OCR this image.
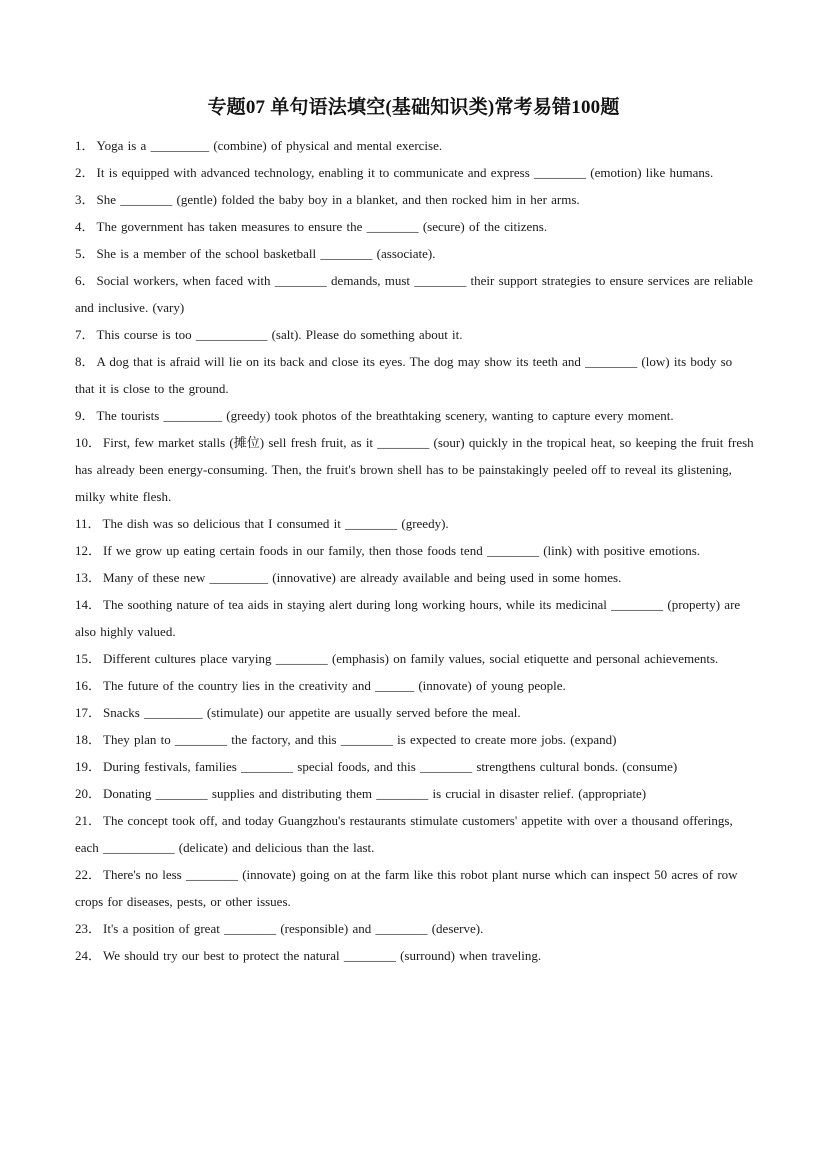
专题07 单句语法填空(基础知识类)常考易错100题
1． Yoga is a _________ (combine) of physical and mental exercise.
2． It is equipped with advanced technology, enabling it to communicate and express ________ (emotion) like humans.
3． She ________ (gentle) folded the baby boy in a blanket, and then rocked him in her arms.
4． The government has taken measures to ensure the ________ (secure) of the citizens.
5． She is a member of the school basketball ________ (associate).
6． Social workers, when faced with ________ demands, must ________ their support strategies to ensure services are reliable and inclusive. (vary)
7． This course is too ___________ (salt). Please do something about it.
8． A dog that is afraid will lie on its back and close its eyes. The dog may show its teeth and ________ (low) its body so that it is close to the ground.
9． The tourists _________ (greedy) took photos of the breathtaking scenery, wanting to capture every moment.
10． First, few market stalls (摊位) sell fresh fruit, as it ________ (sour) quickly in the tropical heat, so keeping the fruit fresh has already been energy-consuming. Then, the fruit's brown shell has to be painstakingly peeled off to reveal its glistening, milky white flesh.
11． The dish was so delicious that I consumed it ________ (greedy).
12． If we grow up eating certain foods in our family, then those foods tend ________ (link) with positive emotions.
13． Many of these new _________ (innovative) are already available and being used in some homes.
14． The soothing nature of tea aids in staying alert during long working hours, while its medicinal ________ (property) are also highly valued.
15． Different cultures place varying ________ (emphasis) on family values, social etiquette and personal achievements.
16． The future of the country lies in the creativity and ______ (innovate) of young people.
17． Snacks _________ (stimulate) our appetite are usually served before the meal.
18． They plan to ________ the factory, and this ________ is expected to create more jobs. (expand)
19． During festivals, families ________ special foods, and this ________ strengthens cultural bonds. (consume)
20． Donating ________ supplies and distributing them ________ is crucial in disaster relief. (appropriate)
21． The concept took off, and today Guangzhou's restaurants stimulate customers' appetite with over a thousand offerings, each ___________ (delicate) and delicious than the last.
22． There's no less ________ (innovate) going on at the farm like this robot plant nurse which can inspect 50 acres of row crops for diseases, pests, or other issues.
23． It's a position of great ________ (responsible) and ________ (deserve).
24． We should try our best to protect the natural ________ (surround) when traveling.
